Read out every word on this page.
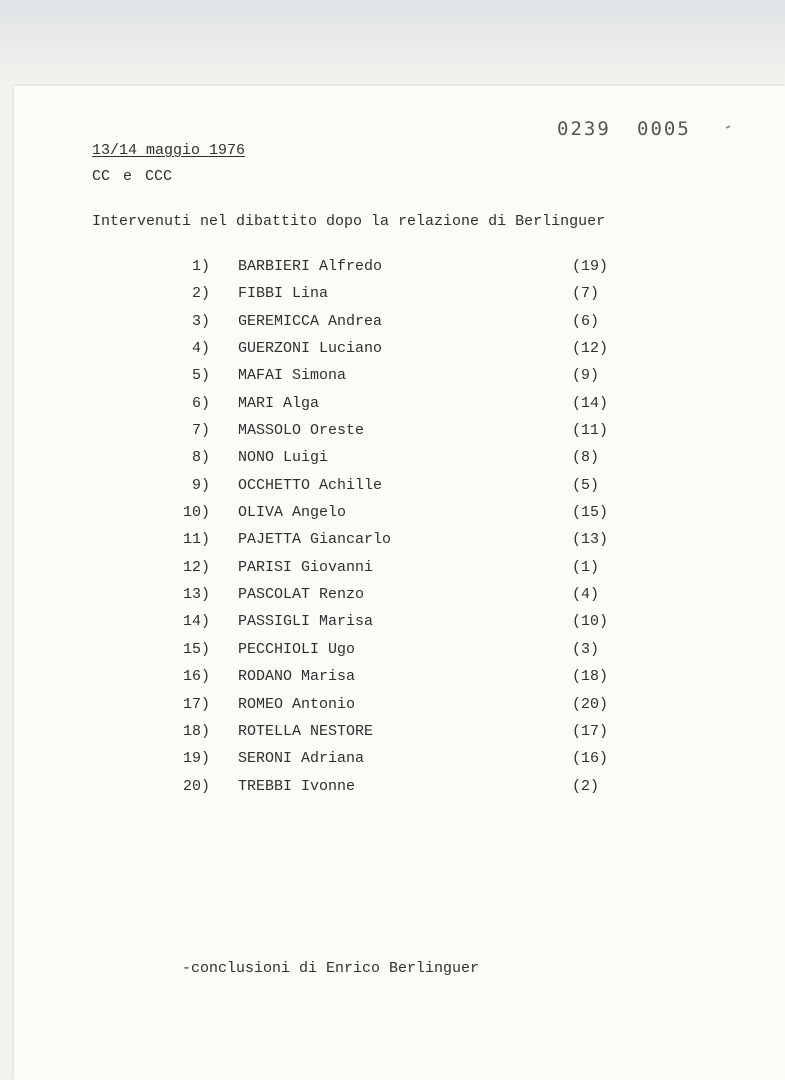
0239 0005
13/14 maggio 1976
CC e CCC
Intervenuti nel dibattito dopo la relazione di Berlinguer
1) BARBIERI Alfredo	(19)
2) FIBBI Lina	(7)
3) GEREMICCA Andrea	(6)
4) GUERZONI Luciano	(12)
5) MAFAI Simona	(9)
6) MARI Alga	(14)
7) MASSOLO Oreste	(11)
8) NONO Luigi	(8)
9) OCCHETTO Achille	(5)
10) OLIVA Angelo	(15)
11) PAJETTA Giancarlo	(13)
12) PARISI Giovanni	(1)
13) PASCOLAT Renzo	(4)
14) PASSIGLI Marisa	(10)
15) PECCHIOLI Ugo	(3)
16) RODANO Marisa	(18)
17) ROMEO Antonio	(20)
18) ROTELLA NESTORE	(17)
19) SERONI Adriana	(16)
20) TREBBI Ivonne	(2)
-conclusioni di Enrico Berlinguer
